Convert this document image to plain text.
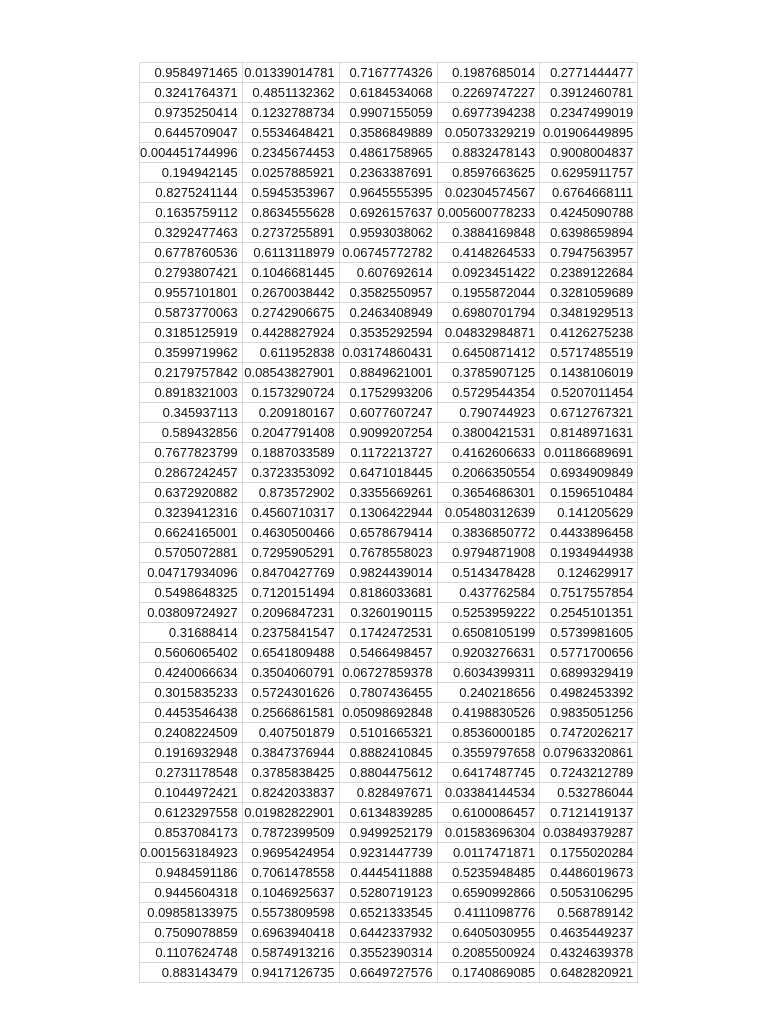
0.9584971465	0.01339014781	0.7167774326	0.1987685014	0.2771444477
0.3241764371	0.4851132362	0.6184534068	0.2269747227	0.3912460781
0.9735250414	0.1232788734	0.9907155059	0.6977394238	0.2347499019
0.6445709047	0.5534648421	0.3586849889	0.05073329219	0.01906449895
0.004451744996	0.2345674453	0.4861758965	0.8832478143	0.9008004837
0.194942145	0.0257885921	0.2363387691	0.8597663625	0.6295911757
0.8275241144	0.5945353967	0.9645555395	0.02304574567	0.6764668111
0.1635759112	0.8634555628	0.6926157637	0.005600778233	0.4245090788
0.3292477463	0.2737255891	0.9593038062	0.3884169848	0.6398659894
0.6778760536	0.6113118979	0.06745772782	0.4148264533	0.7947563957
0.2793807421	0.1046681445	0.607692614	0.0923451422	0.2389122684
0.9557101801	0.2670038442	0.3582550957	0.1955872044	0.3281059689
0.5873770063	0.2742906675	0.2463408949	0.6980701794	0.3481929513
0.3185125919	0.4428827924	0.3535292594	0.04832984871	0.4126275238
0.3599719962	0.611952838	0.03174860431	0.6450871412	0.5717485519
0.2179757842	0.08543827901	0.8849621001	0.3785907125	0.1438106019
0.8918321003	0.1573290724	0.1752993206	0.5729544354	0.5207011454
0.345937113	0.209180167	0.6077607247	0.790744923	0.6712767321
0.589432856	0.2047791408	0.9099207254	0.3800421531	0.8148971631
0.7677823799	0.1887033589	0.1172213727	0.4162606633	0.01186689691
0.2867242457	0.3723353092	0.6471018445	0.2066350554	0.6934909849
0.6372920882	0.873572902	0.3355669261	0.3654686301	0.1596510484
0.3239412316	0.4560710317	0.1306422944	0.05480312639	0.141205629
0.6624165001	0.4630500466	0.6578679414	0.3836850772	0.4433896458
0.5705072881	0.7295905291	0.7678558023	0.9794871908	0.1934944938
0.04717934096	0.8470427769	0.9824439014	0.5143478428	0.124629917
0.5498648325	0.7120151494	0.8186033681	0.437762584	0.7517557854
0.03809724927	0.2096847231	0.3260190115	0.5253959222	0.2545101351
0.31688414	0.2375841547	0.1742472531	0.6508105199	0.5739981605
0.5606065402	0.6541809488	0.5466498457	0.9203276631	0.5771700656
0.4240066634	0.3504060791	0.06727859378	0.6034399311	0.6899329419
0.3015835233	0.5724301626	0.7807436455	0.240218656	0.4982453392
0.4453546438	0.2566861581	0.05098692848	0.4198830526	0.9835051256
0.2408224509	0.407501879	0.5101665321	0.8536000185	0.7472026217
0.1916932948	0.3847376944	0.8882410845	0.3559797658	0.07963320861
0.2731178548	0.3785838425	0.8804475612	0.6417487745	0.7243212789
0.1044972421	0.8242033837	0.828497671	0.03384144534	0.532786044
0.6123297558	0.01982822901	0.6134839285	0.6100086457	0.7121419137
0.8537084173	0.7872399509	0.9499252179	0.01583696304	0.03849379287
0.001563184923	0.9695424954	0.9231447739	0.0117471871	0.1755020284
0.9484591186	0.7061478558	0.4445411888	0.5235948485	0.4486019673
0.9445604318	0.1046925637	0.5280719123	0.6590992866	0.5053106295
0.09858133975	0.5573809598	0.6521333545	0.4111098776	0.568789142
0.7509078859	0.6963940418	0.6442337932	0.6405030955	0.4635449237
0.1107624748	0.5874913216	0.3552390314	0.2085500924	0.4324639378
0.883143479	0.9417126735	0.6649727576	0.1740869085	0.6482820921
